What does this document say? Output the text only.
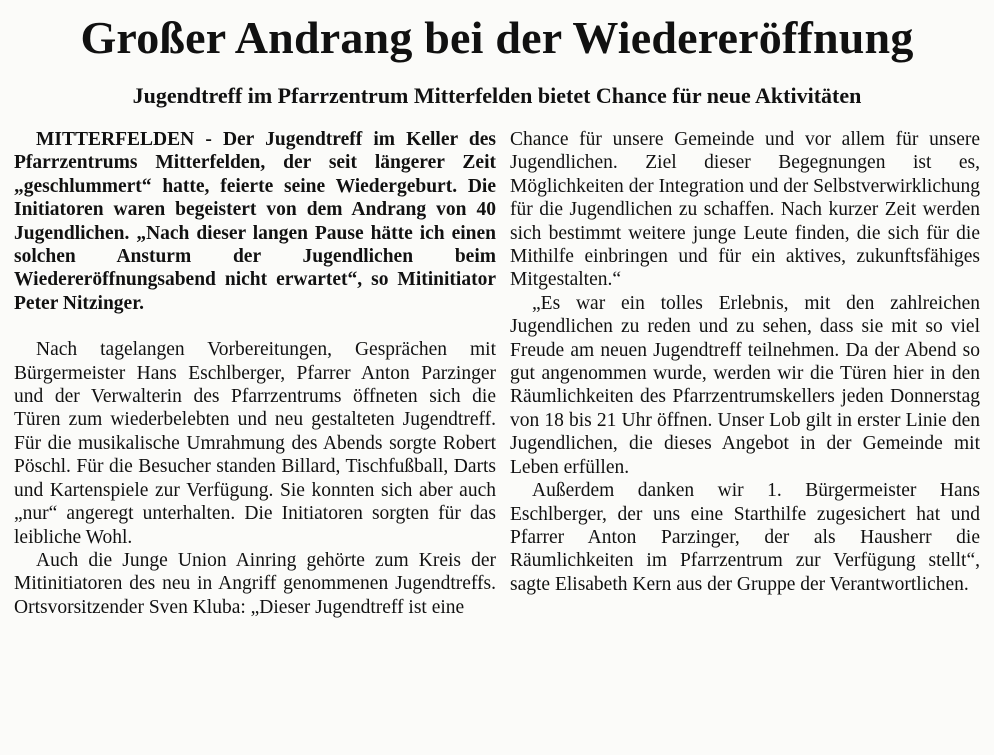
Großer Andrang bei der Wiedereröffnung
Jugendtreff im Pfarrzentrum Mitterfelden bietet Chance für neue Aktivitäten

MITTERFELDEN - Der Jugendtreff im Keller des Pfarrzentrums Mitterfelden, der seit längerer Zeit „geschlummert“ hatte, feierte seine Wiedergeburt. Die Initiatoren waren begeistert von dem Andrang von 40 Jugendlichen. „Nach dieser langen Pause hätte ich einen solchen Ansturm der Jugendlichen beim Wiedereröffnungsabend nicht erwartet“, so Mitinitiator Peter Nitzinger.

Nach tagelangen Vorbereitungen, Gesprächen mit Bürgermeister Hans Eschlberger, Pfarrer Anton Parzinger und der Verwalterin des Pfarrzentrums öffneten sich die Türen zum wiederbelebten und neu gestalteten Jugendtreff. Für die musikalische Umrahmung des Abends sorgte Robert Pöschl. Für die Besucher standen Billard, Tischfußball, Darts und Kartenspiele zur Verfügung. Sie konnten sich aber auch „nur“ angeregt unterhalten. Die Initiatoren sorgten für das leibliche Wohl.

Auch die Junge Union Ainring gehörte zum Kreis der Mitinitiatoren des neu in Angriff genommenen Jugendtreffs. Ortsvorsitzender Sven Kluba: „Dieser Jugendtreff ist eine

Chance für unsere Gemeinde und vor allem für unsere Jugendlichen. Ziel dieser Begegnungen ist es, Möglichkeiten der Integration und der Selbstverwirklichung für die Jugendlichen zu schaffen. Nach kurzer Zeit werden sich bestimmt weitere junge Leute finden, die sich für die Mithilfe einbringen und für ein aktives, zukunftsfähiges Mitgestalten.“

„Es war ein tolles Erlebnis, mit den zahlreichen Jugendlichen zu reden und zu sehen, dass sie mit so viel Freude am neuen Jugendtreff teilnehmen. Da der Abend so gut angenommen wurde, werden wir die Türen hier in den Räumlichkeiten des Pfarrzentrumskellers jeden Donnerstag von 18 bis 21 Uhr öffnen. Unser Lob gilt in erster Linie den Jugendlichen, die dieses Angebot in der Gemeinde mit Leben erfüllen.

Außerdem danken wir 1. Bürgermeister Hans Eschlberger, der uns eine Starthilfe zugesichert hat und Pfarrer Anton Parzinger, der als Hausherr die Räumlichkeiten im Pfarrzentrum zur Verfügung stellt“, sagte Elisabeth Kern aus der Gruppe der Verantwortlichen.
